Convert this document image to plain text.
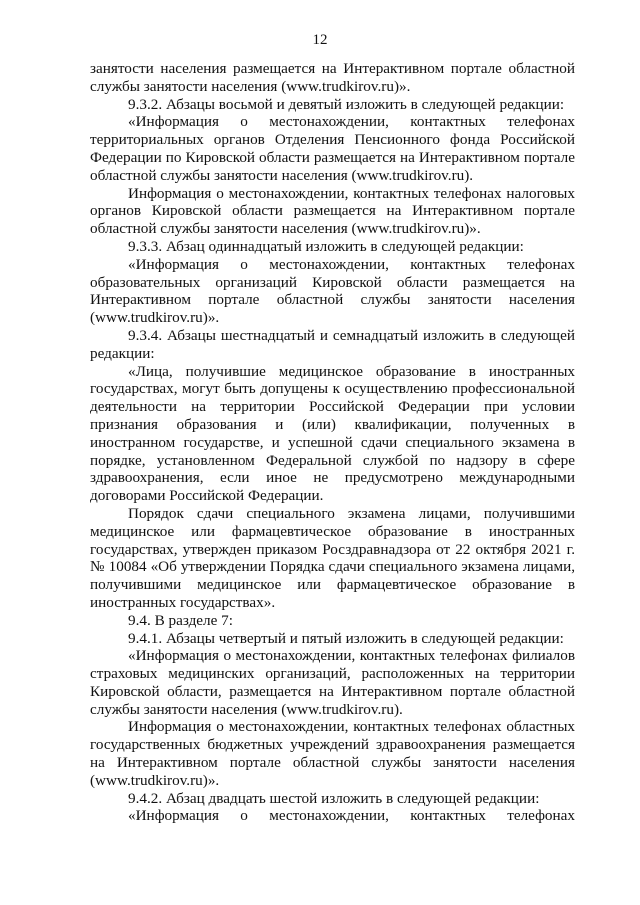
12

занятости населения размещается на Интерактивном портале областной службы занятости населения (www.trudkirov.ru)».

9.3.2. Абзацы восьмой и девятый изложить в следующей редакции:

«Информация о местонахождении, контактных телефонах территориальных органов Отделения Пенсионного фонда Российской Федерации по Кировской области размещается на Интерактивном портале областной службы занятости населения (www.trudkirov.ru).

Информация о местонахождении, контактных телефонах налоговых органов Кировской области размещается на Интерактивном портале областной службы занятости населения (www.trudkirov.ru)».

9.3.3. Абзац одиннадцатый изложить в следующей редакции:

«Информация о местонахождении, контактных телефонах образовательных организаций Кировской области размещается на Интерактивном портале областной службы занятости населения (www.trudkirov.ru)».

9.3.4. Абзацы шестнадцатый и семнадцатый изложить в следующей редакции:

«Лица, получившие медицинское образование в иностранных государствах, могут быть допущены к осуществлению профессиональной деятельности на территории Российской Федерации при условии признания образования и (или) квалификации, полученных в иностранном государстве, и успешной сдачи специального экзамена в порядке, установленном Федеральной службой по надзору в сфере здравоохранения, если иное не предусмотрено международными договорами Российской Федерации.

Порядок сдачи специального экзамена лицами, получившими медицинское или фармацевтическое образование в иностранных государствах, утвержден приказом Росздравнадзора от 22 октября 2021 г. № 10084 «Об утверждении Порядка сдачи специального экзамена лицами, получившими медицинское или фармацевтическое образование в иностранных государствах».

9.4. В разделе 7:

9.4.1. Абзацы четвертый и пятый изложить в следующей редакции:

«Информация о местонахождении, контактных телефонах филиалов страховых медицинских организаций, расположенных на территории Кировской области, размещается на Интерактивном портале областной службы занятости населения (www.trudkirov.ru).

Информация о местонахождении, контактных телефонах областных государственных бюджетных учреждений здравоохранения размещается на Интерактивном портале областной службы занятости населения (www.trudkirov.ru)».

9.4.2. Абзац двадцать шестой изложить в следующей редакции:

«Информация о местонахождении, контактных телефонах
